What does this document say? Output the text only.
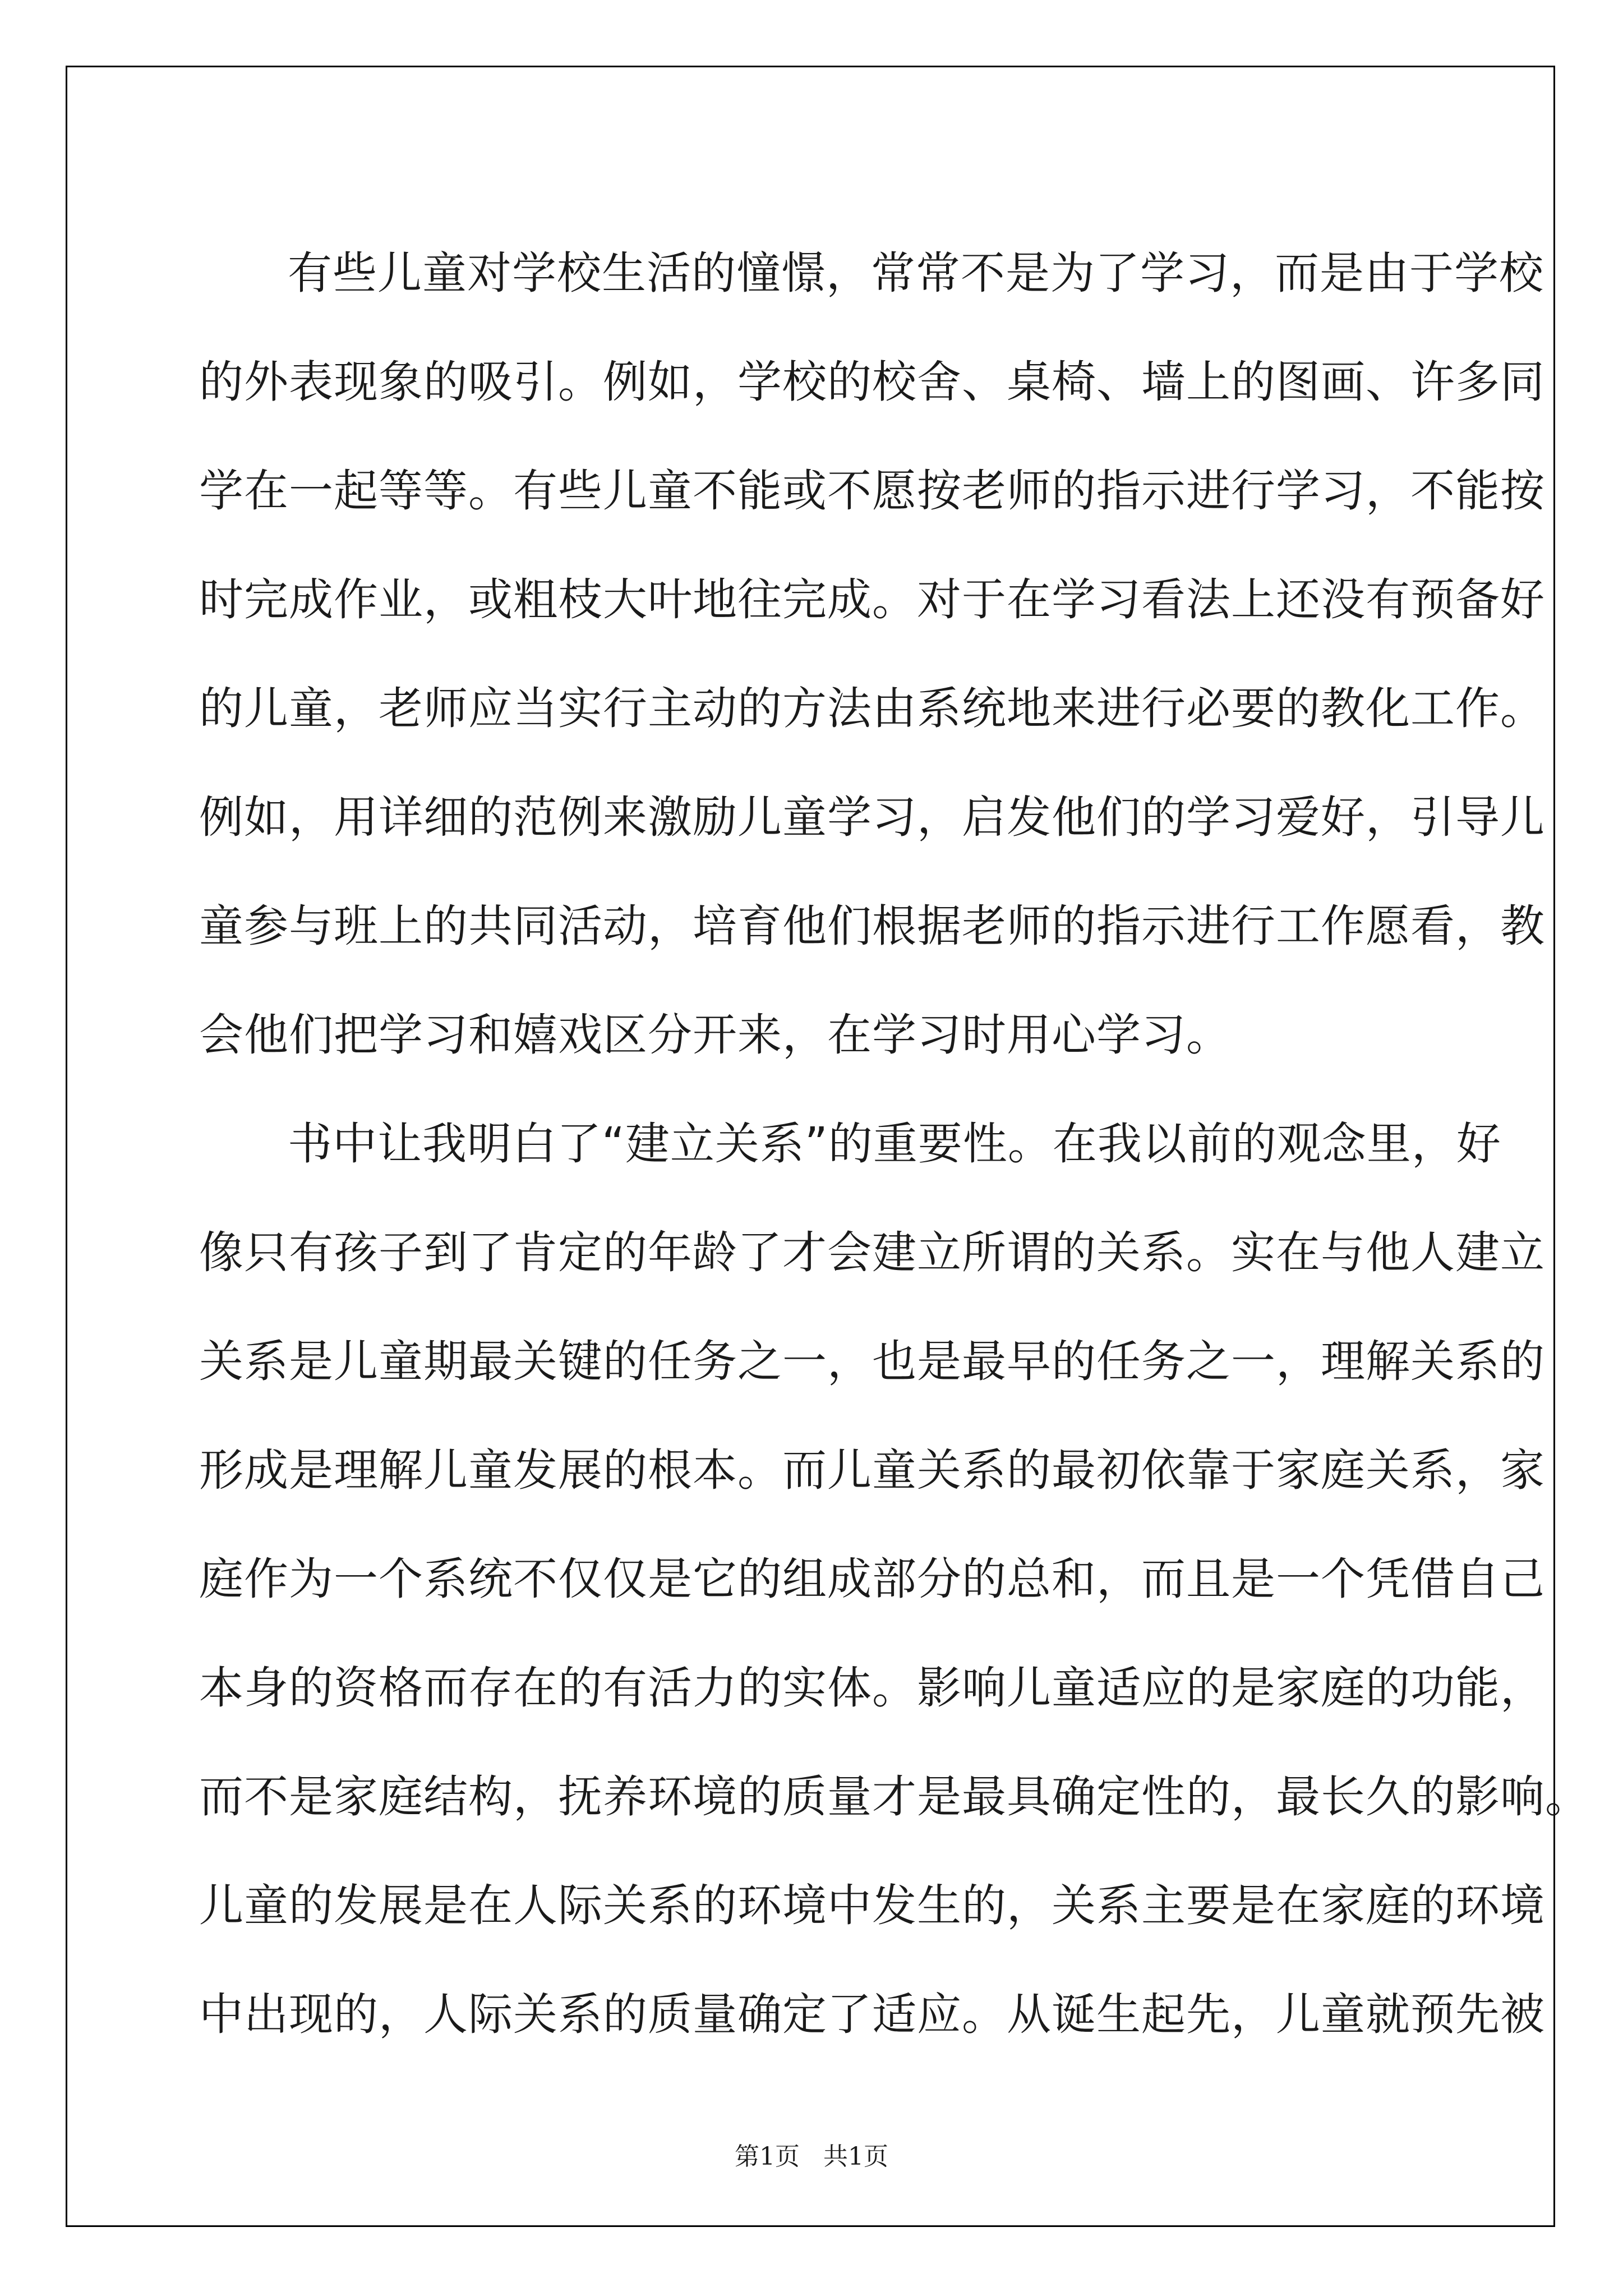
有些儿童对学校生活的憧憬，常常不是为了学习，而是由于学校
的外表现象的吸引。例如，学校的校舍、桌椅、墙上的图画、许多同
学在一起等等。有些儿童不能或不愿按老师的指示进行学习，不能按
时完成作业，或粗枝大叶地往完成。对于在学习看法上还没有预备好
的儿童，老师应当实行主动的方法由系统地来进行必要的教化工作。
例如，用详细的范例来激励儿童学习，启发他们的学习爱好，引导儿
童参与班上的共同活动，培育他们根据老师的指示进行工作愿看，教
会他们把学习和嬉戏区分开来，在学习时用心学习。
书中让我明白了“建立关系”的重要性。在我以前的观念里，好
像只有孩子到了肯定的年龄了才会建立所谓的关系。实在与他人建立
关系是儿童期最关键的任务之一，也是最早的任务之一，理解关系的
形成是理解儿童发展的根本。而儿童关系的最初依靠于家庭关系，家
庭作为一个系统不仅仅是它的组成部分的总和，而且是一个凭借自己
本身的资格而存在的有活力的实体。影响儿童适应的是家庭的功能，
而不是家庭结构，抚养环境的质量才是最具确定性的，最长久的影响。
儿童的发展是在人际关系的环境中发生的，关系主要是在家庭的环境
中出现的，人际关系的质量确定了适应。从诞生起先，儿童就预先被
第1页 共1页
